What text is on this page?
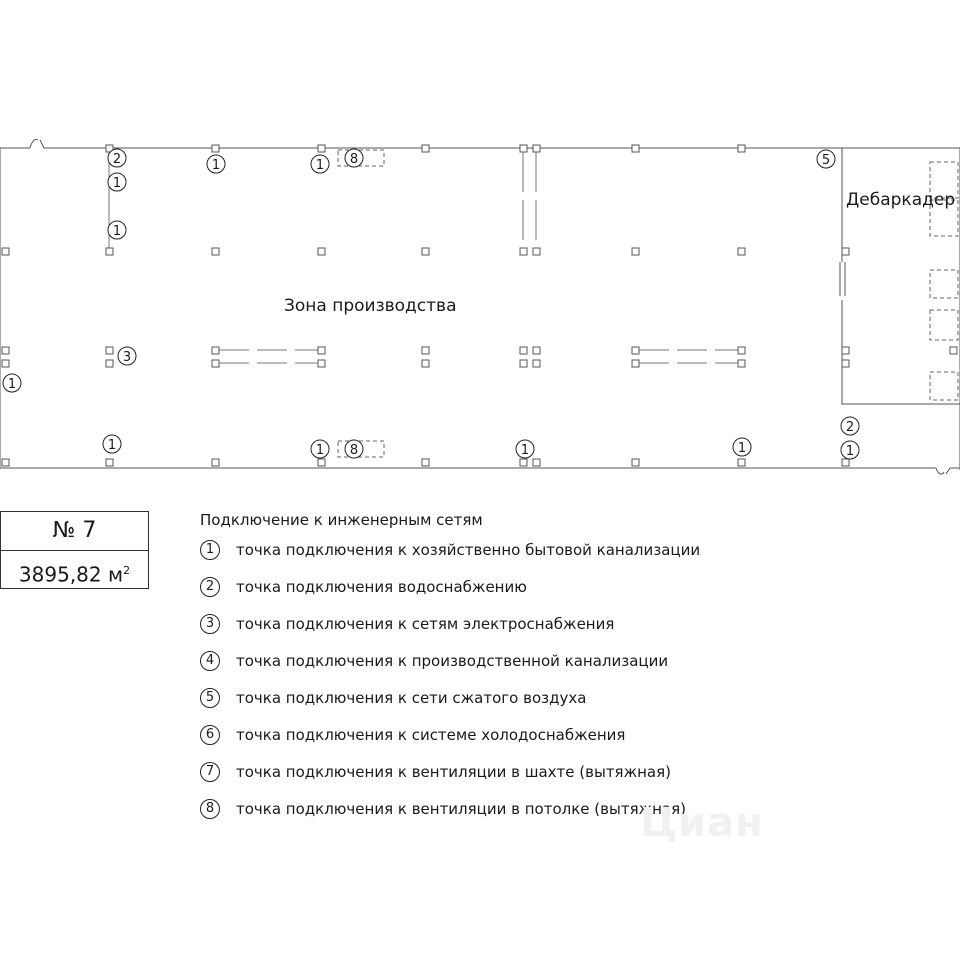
Зона производства
Дебаркадер
2
1
1
1	1 8	5
3
1
1	1 8	1	1
2
1
№ 7
3895,82 $м^2$
Подключение к инженерным сетям
1	точка подключения к хозяйственно бытовой канализации
2	точка подключения водоснабжению
3	точка подключения к сетям электроснабжения
4	точка подключения к производственной канализации
5	точка подключения к сети сжатого воздуха
6	точка подключения к системе холодоснабжения
7	точка подключения к вентиляции в шахте (вытяжная)
8	точка подключения к вентиляции в потолке (вытяжная)
Циан
